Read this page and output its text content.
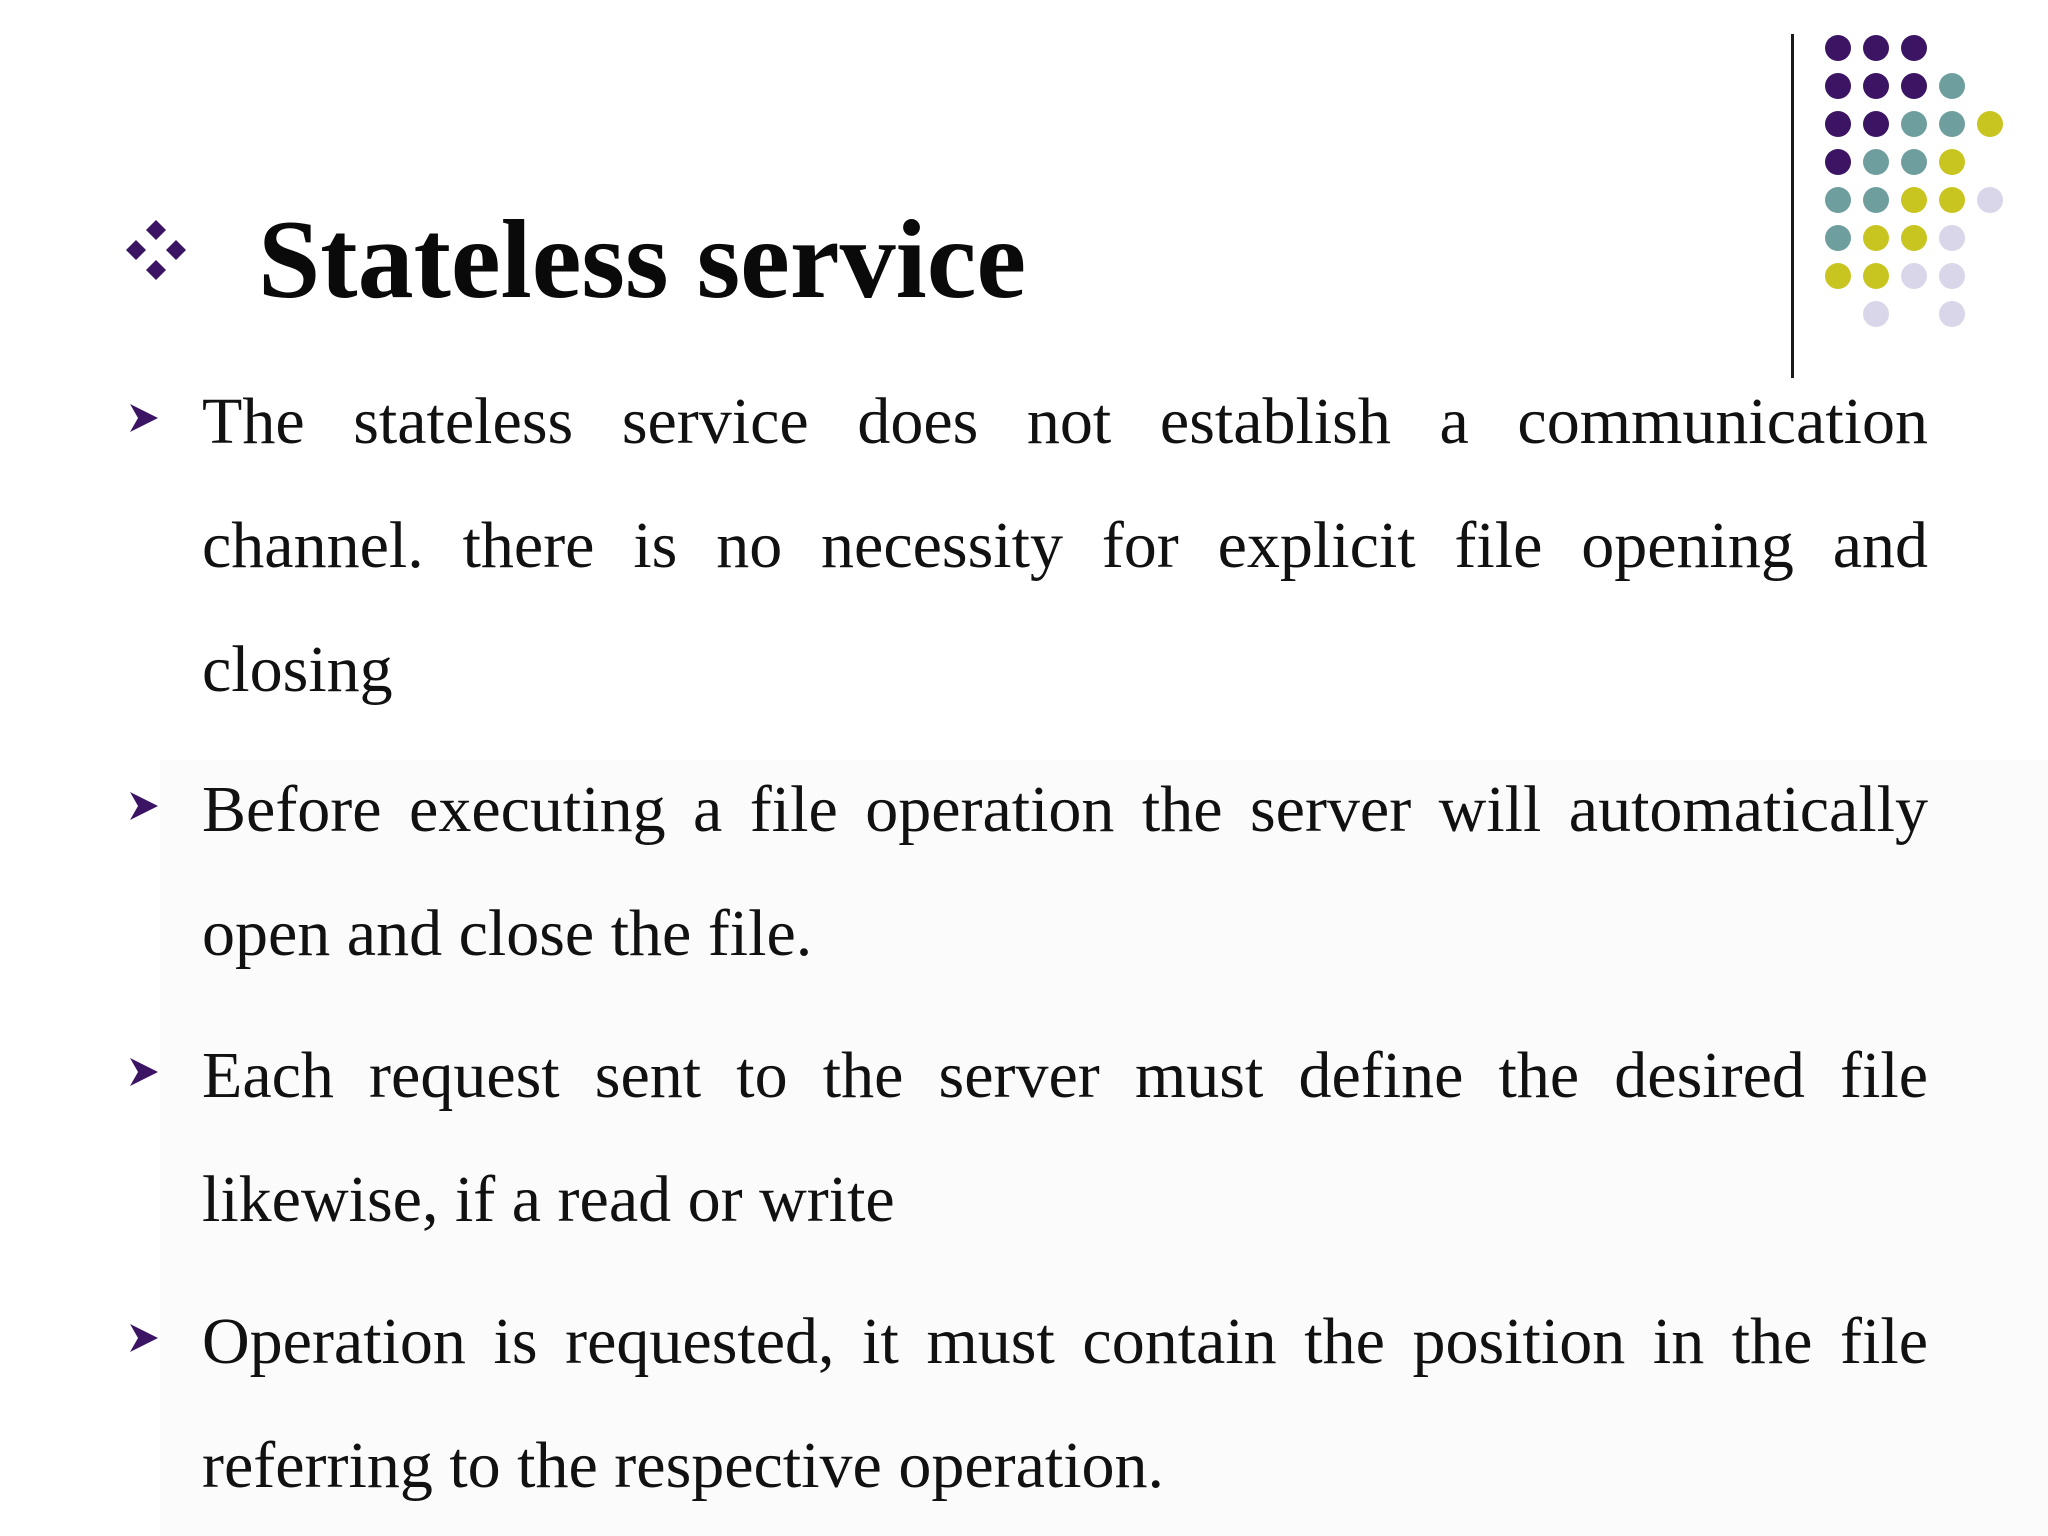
Stateless service

The stateless service does not establish a communication channel. there is no necessity for explicit file opening and closing

Before executing a file operation the server will automatically open and close the file.

Each request sent to the server must define the desired file likewise, if a read or write

Operation is requested, it must contain the position in the file referring to the respective operation.
